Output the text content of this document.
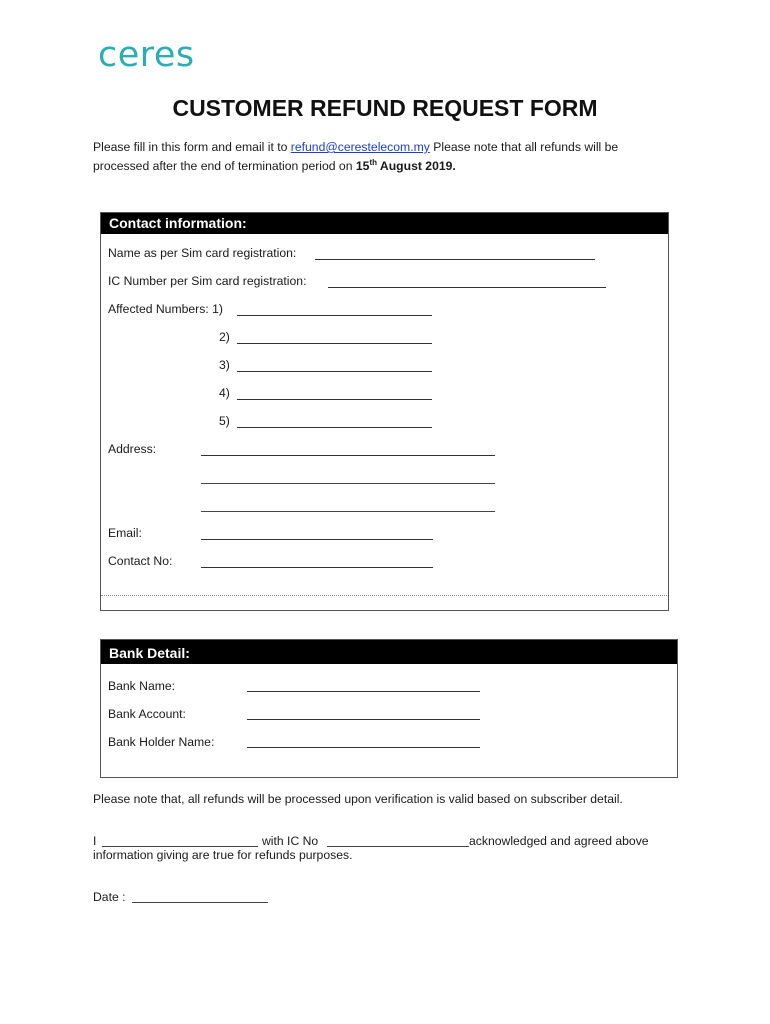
ceres
CUSTOMER REFUND REQUEST FORM
Please fill in this form and email it to refund@cerestelecom.my Please note that all refunds will be
processed after the end of termination period on 15th August 2019.
Contact information:
Name as per Sim card registration:
IC Number per Sim card registration:
Affected Numbers: 1)
2)
3)
4)
5)
Address:
Email:
Contact No:
Bank Detail:
Bank Name:
Bank Account:
Bank Holder Name:
Please note that, all refunds will be processed upon verification is valid based on subscriber detail.
I	with IC No	acknowledged and agreed above
information giving are true for refunds purposes.
Date :
